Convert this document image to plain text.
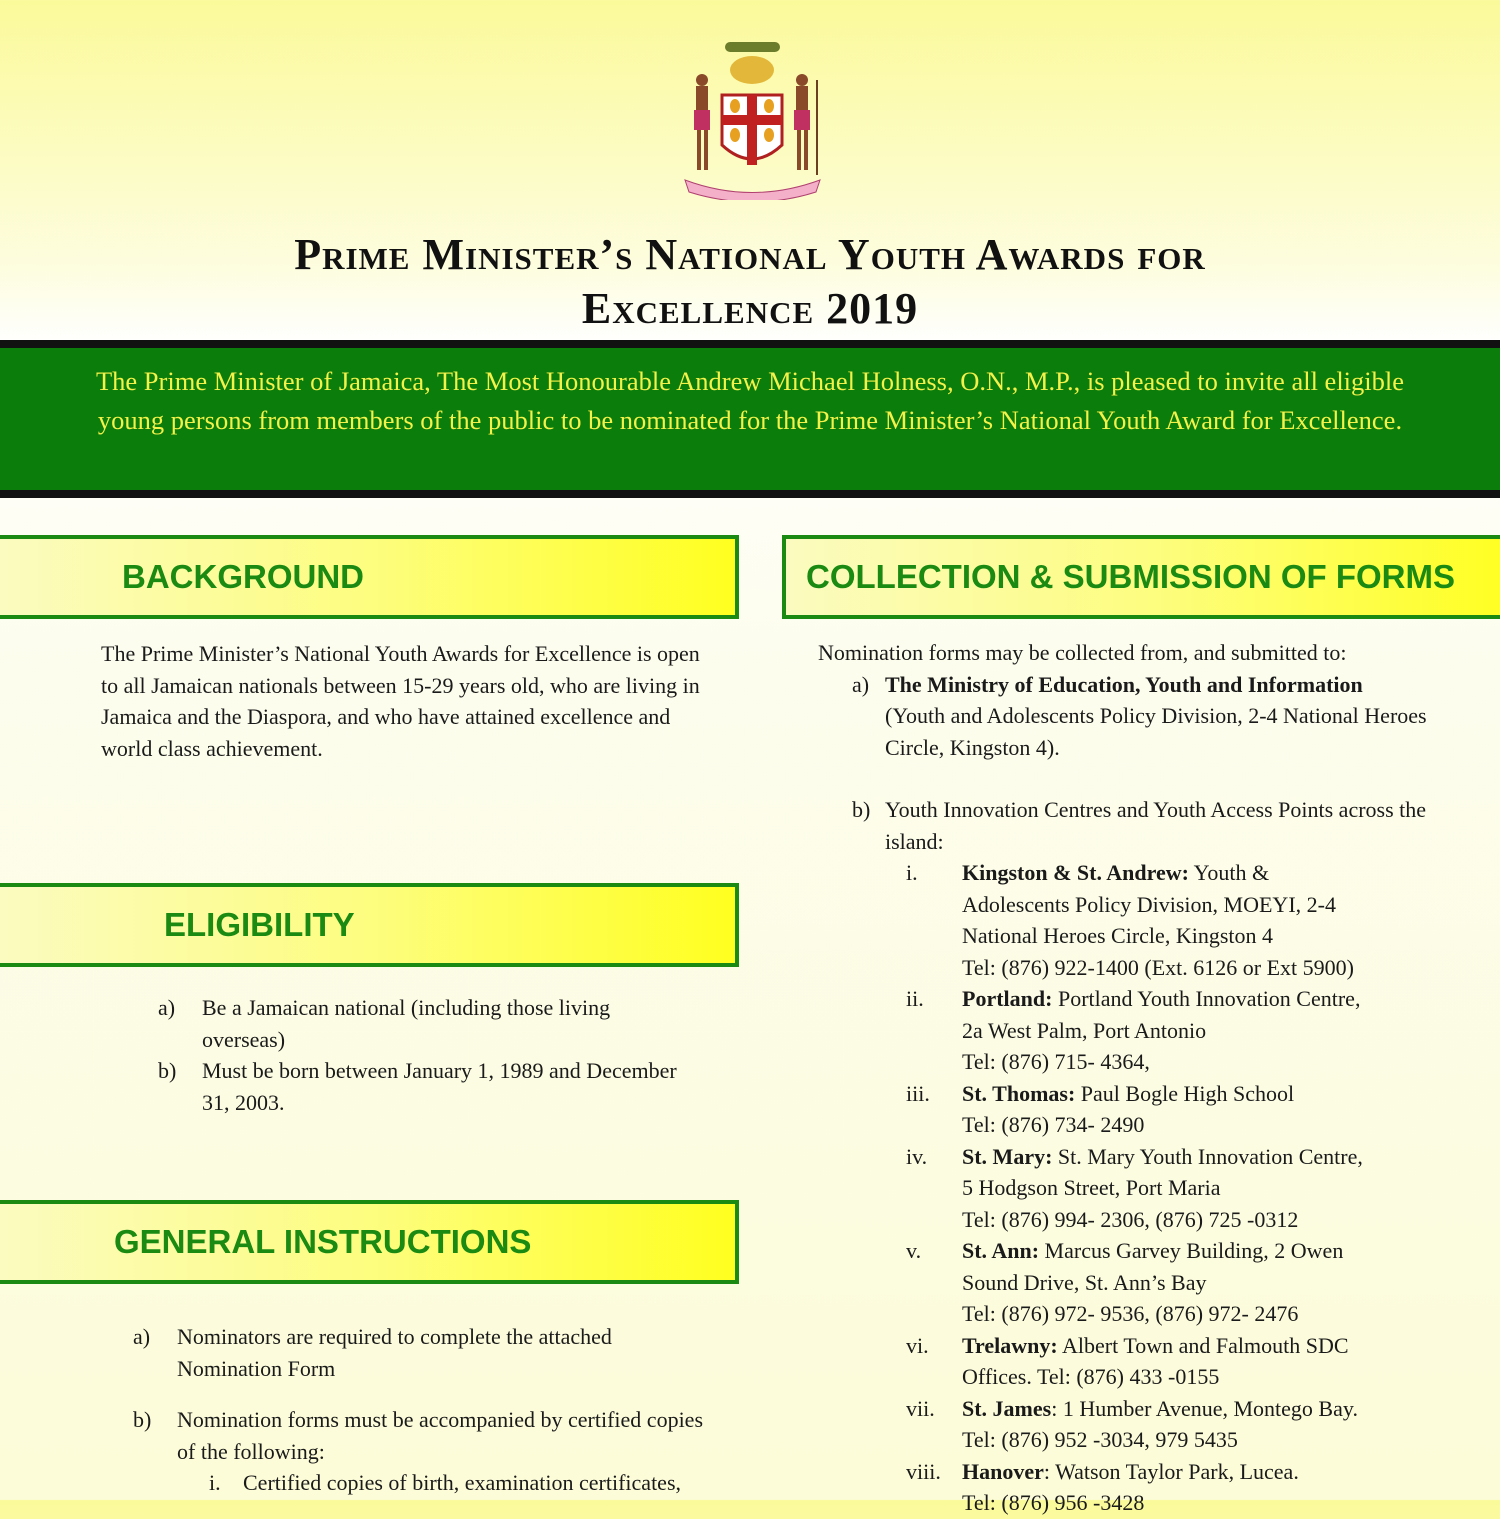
Prime Minister’s National Youth Awards for
Excellence 2019

The Prime Minister of Jamaica, The Most Honourable Andrew Michael Holness, O.N., M.P., is pleased to invite all eligible young persons from members of the public to be nominated for the Prime Minister’s National Youth Award for Excellence.

BACKGROUND
The Prime Minister’s National Youth Awards for Excellence is open to all Jamaican nationals between 15-29 years old, who are living in Jamaica and the Diaspora, and who have attained excellence and world class achievement.
ELIGIBILITY
a)	Be a Jamaican national (including those living overseas)
b)	Must be born between January 1, 1989 and December 31, 2003.
GENERAL INSTRUCTIONS
a)	Nominators are required to complete the attached Nomination Form
b)	Nomination forms must be accompanied by certified copies of the following:
i.	Certified copies of birth, examination certificates,
COLLECTION & SUBMISSION OF FORMS
Nomination forms may be collected from, and submitted to:
a) The Ministry of Education, Youth and Information
(Youth and Adolescents Policy Division, 2-4 National Heroes Circle, Kingston 4).
b) Youth Innovation Centres and Youth Access Points across the island:
i.	Kingston & St. Andrew: Youth & Adolescents Policy Division, MOEYI, 2-4 National Heroes Circle, Kingston 4
Tel: (876) 922-1400 (Ext. 6126 or Ext 5900)
ii.	Portland: Portland Youth Innovation Centre, 2a West Palm, Port Antonio
Tel: (876) 715- 4364,
iii.	St. Thomas: Paul Bogle High School
Tel: (876) 734- 2490
iv.	St. Mary: St. Mary Youth Innovation Centre, 5 Hodgson Street, Port Maria
Tel: (876) 994- 2306, (876) 725 -0312
v.	St. Ann: Marcus Garvey Building, 2 Owen Sound Drive, St. Ann’s Bay
Tel: (876) 972- 9536, (876) 972- 2476
vi.	Trelawny: Albert Town and Falmouth SDC Offices. Tel: (876) 433 -0155
vii.	St. James: 1 Humber Avenue, Montego Bay.
Tel: (876) 952 -3034, 979 5435
viii. Hanover: Watson Taylor Park, Lucea.
Tel: (876) 956 -3428
